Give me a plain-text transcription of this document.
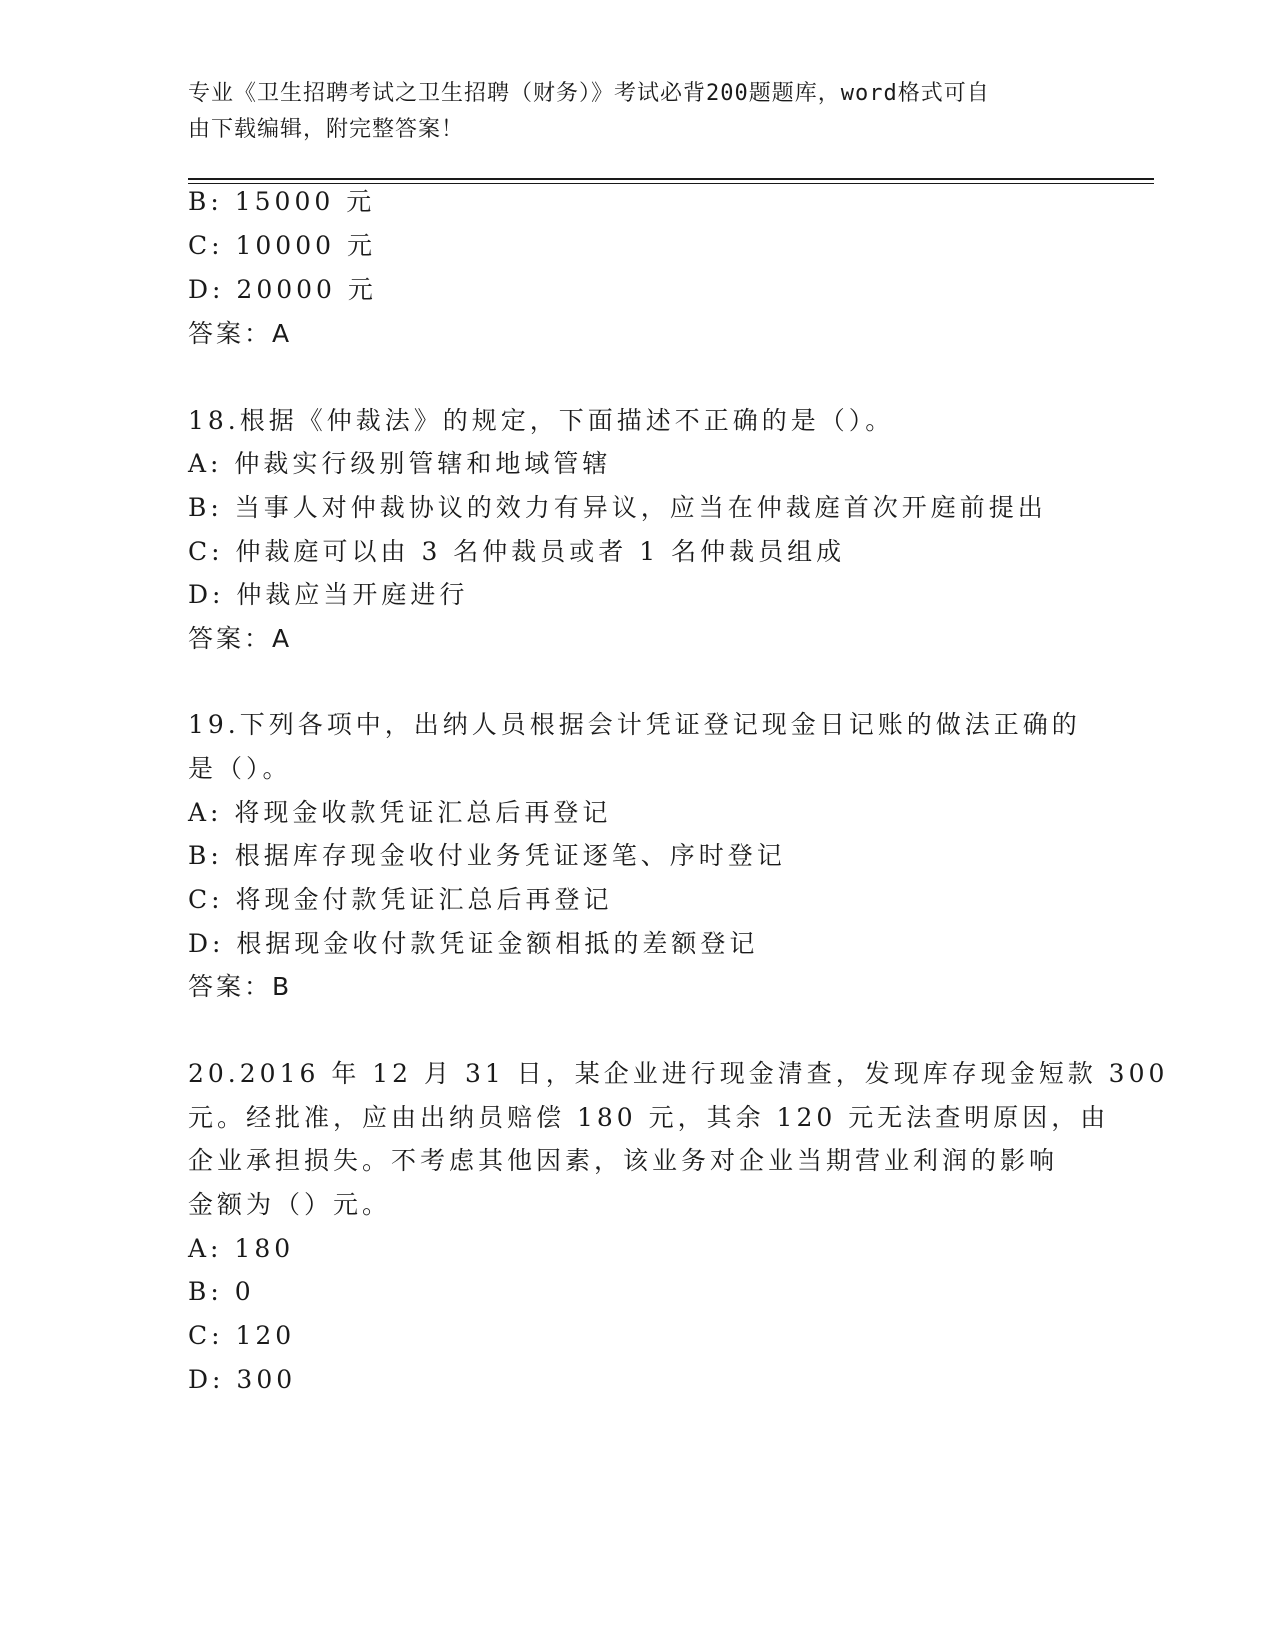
专业《卫生招聘考试之卫生招聘（财务）》考试必背200题题库，word格式可自
由下载编辑，附完整答案！
B: 15000 元
C: 10000 元
D: 20000 元
答案：A
18.根据《仲裁法》的规定，下面描述不正确的是（）。
A: 仲裁实行级别管辖和地域管辖
B: 当事人对仲裁协议的效力有异议，应当在仲裁庭首次开庭前提出
C: 仲裁庭可以由 3 名仲裁员或者 1 名仲裁员组成
D: 仲裁应当开庭进行
答案：A
19.下列各项中，出纳人员根据会计凭证登记现金日记账的做法正确的
是（）。
A: 将现金收款凭证汇总后再登记
B: 根据库存现金收付业务凭证逐笔、序时登记
C: 将现金付款凭证汇总后再登记
D: 根据现金收付款凭证金额相抵的差额登记
答案：B
20.2016 年 12 月 31 日，某企业进行现金清查，发现库存现金短款 300
元。经批准，应由出纳员赔偿 180 元，其余 120 元无法查明原因，由
企业承担损失。不考虑其他因素，该业务对企业当期营业利润的影响
金额为（）元。
A: 180
B: 0
C: 120
D: 300
